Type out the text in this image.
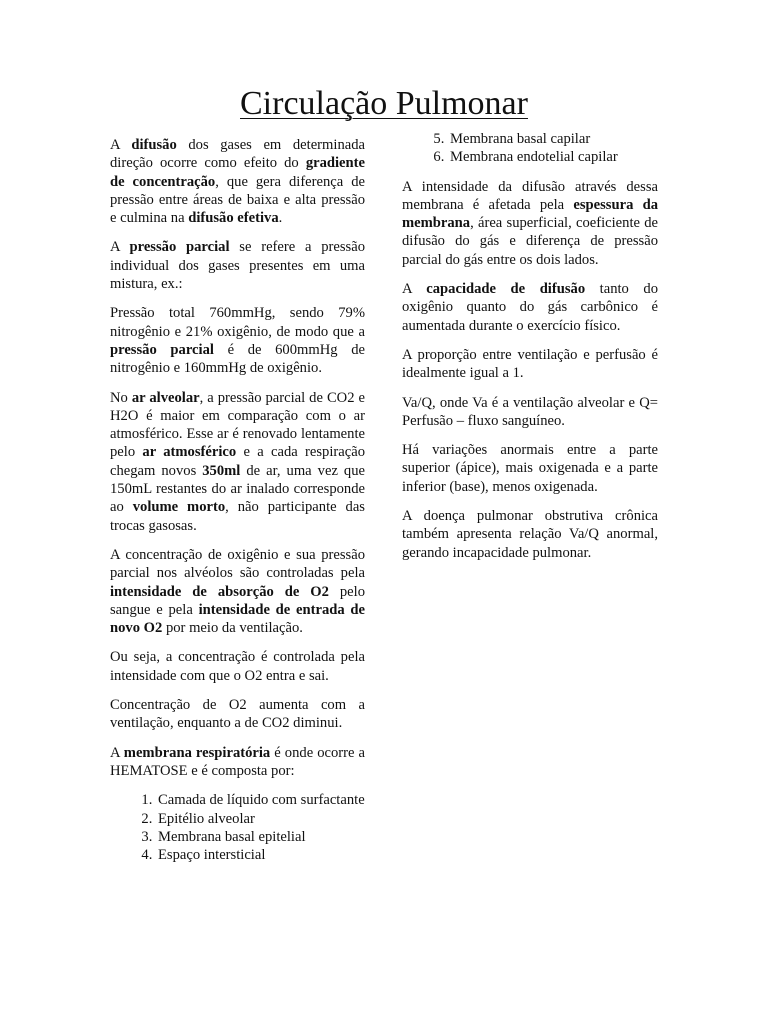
Circulação Pulmonar

A difusão dos gases em determinada direção ocorre como efeito do gradiente de concentração, que gera diferença de pressão entre áreas de baixa e alta pressão e culmina na difusão efetiva.

A pressão parcial se refere a pressão individual dos gases presentes em uma mistura, ex.:

Pressão total 760mmHg, sendo 79% nitrogênio e 21% oxigênio, de modo que a pressão parcial é de 600mmHg de nitrogênio e 160mmHg de oxigênio.

No ar alveolar, a pressão parcial de CO2 e H2O é maior em comparação com o ar atmosférico. Esse ar é renovado lentamente pelo ar atmosférico e a cada respiração chegam novos 350ml de ar, uma vez que 150mL restantes do ar inalado corresponde ao volume morto, não participante das trocas gasosas.

A concentração de oxigênio e sua pressão parcial nos alvéolos são controladas pela intensidade de absorção de O2 pelo sangue e pela intensidade de entrada de novo O2 por meio da ventilação.

Ou seja, a concentração é controlada pela intensidade com que o O2 entra e sai.

Concentração de O2 aumenta com a ventilação, enquanto a de CO2 diminui.

A membrana respiratória é onde ocorre a HEMATOSE e é composta por:

1. Camada de líquido com surfactante
2. Epitélio alveolar
3. Membrana basal epitelial
4. Espaço intersticial
5. Membrana basal capilar
6. Membrana endotelial capilar

A intensidade da difusão através dessa membrana é afetada pela espessura da membrana, área superficial, coeficiente de difusão do gás e diferença de pressão parcial do gás entre os dois lados.

A capacidade de difusão tanto do oxigênio quanto do gás carbônico é aumentada durante o exercício físico.

A proporção entre ventilação e perfusão é idealmente igual a 1.

Va/Q, onde Va é a ventilação alveolar e Q= Perfusão – fluxo sanguíneo.

Há variações anormais entre a parte superior (ápice), mais oxigenada e a parte inferior (base), menos oxigenada.

A doença pulmonar obstrutiva crônica também apresenta relação Va/Q anormal, gerando incapacidade pulmonar.
